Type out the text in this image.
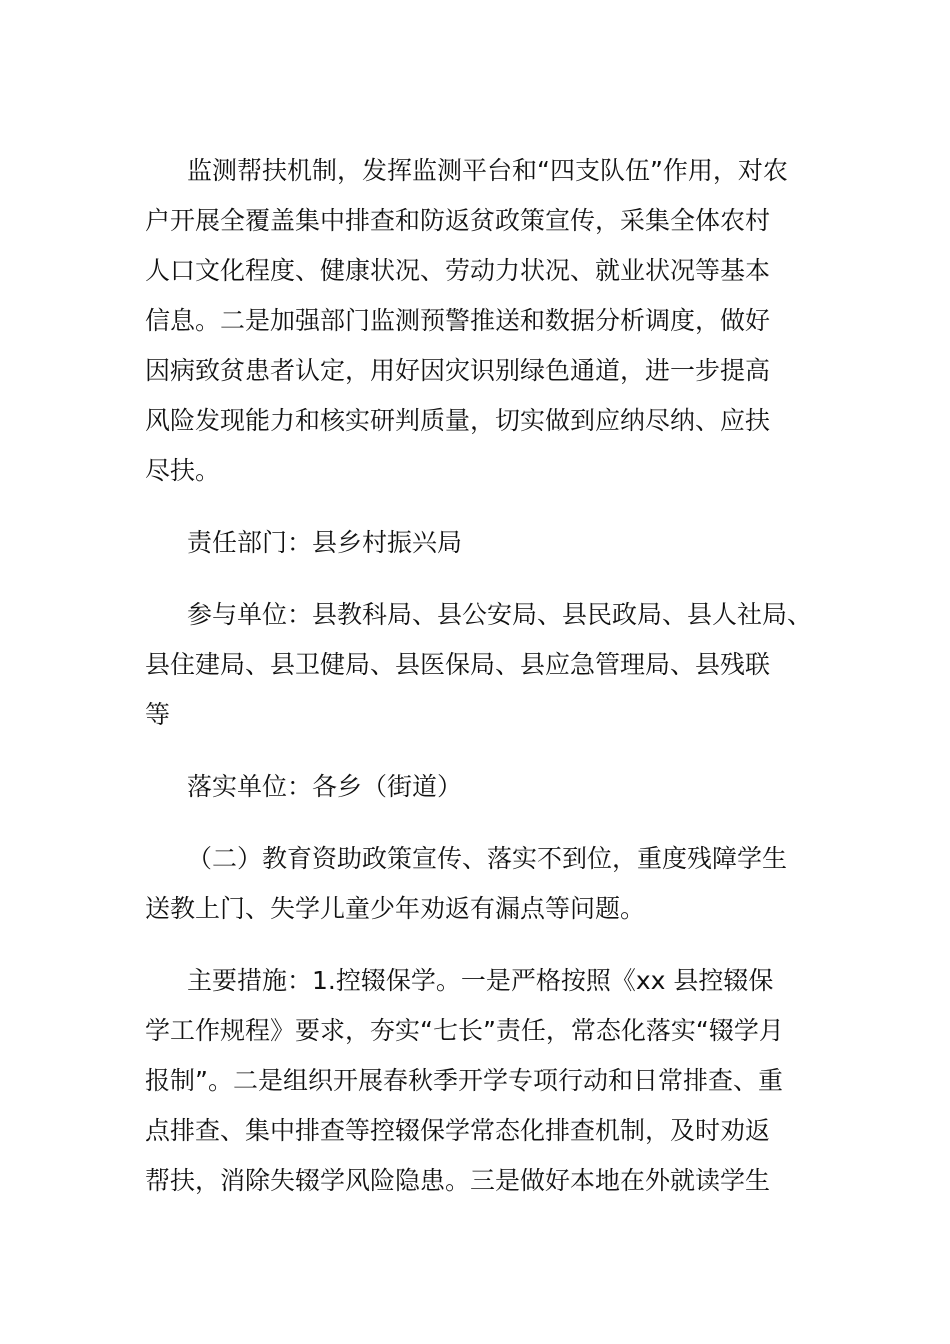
监测帮扶机制，发挥监测平台和“四支队伍”作用，对农
户开展全覆盖集中排查和防返贫政策宣传，采集全体农村
人口文化程度、健康状况、劳动力状况、就业状况等基本
信息。二是加强部门监测预警推送和数据分析调度，做好
因病致贫患者认定，用好因灾识别绿色通道，进一步提高
风险发现能力和核实研判质量，切实做到应纳尽纳、应扶
尽扶。

责任部门：县乡村振兴局

参与单位：县教科局、县公安局、县民政局、县人社局、
县住建局、县卫健局、县医保局、县应急管理局、县残联
等

落实单位：各乡（街道）

（二）教育资助政策宣传、落实不到位，重度残障学生
送教上门、失学儿童少年劝返有漏点等问题。

主要措施：1.控辍保学。一是严格按照《xx 县控辍保
学工作规程》要求，夯实“七长”责任，常态化落实“辍学月
报制”。二是组织开展春秋季开学专项行动和日常排查、重
点排查、集中排查等控辍保学常态化排查机制，及时劝返
帮扶，消除失辍学风险隐患。三是做好本地在外就读学生
